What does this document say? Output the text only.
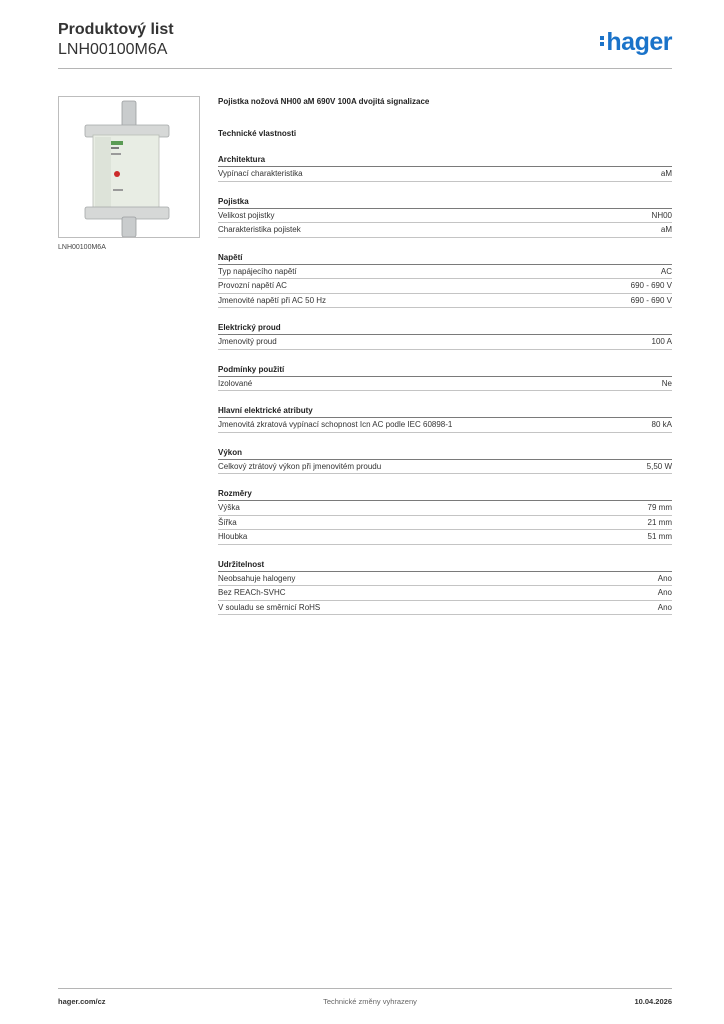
Produktový list
LNH00100M6A	hager
LNH00100M6A
Pojistka nožová NH00 aM 690V 100A dvojitá signalizace
Technické vlastnosti
Architektura
Vypínací charakteristika	aM
Pojistka
Velikost pojistky	NH00
Charakteristika pojistek	aM
Napětí
Typ napájecího napětí	AC
Provozní napětí AC	690 - 690 V
Jmenovité napětí při AC 50 Hz	690 - 690 V
Elektrický proud
Jmenovitý proud	100 A
Podmínky použití
Izolované	Ne
Hlavní elektrické atributy
Jmenovitá zkratová vypínací schopnost Icn AC podle IEC 60898-1	80 kA
Výkon
Celkový ztrátový výkon při jmenovitém proudu	5,50 W
Rozměry
Výška	79 mm
Šířka	21 mm
Hloubka	51 mm
Udržitelnost
Neobsahuje halogeny	Ano
Bez REACh-SVHC	Ano
V souladu se směrnicí RoHS	Ano
hager.com/cz	Technické změny vyhrazeny	10.04.2026
